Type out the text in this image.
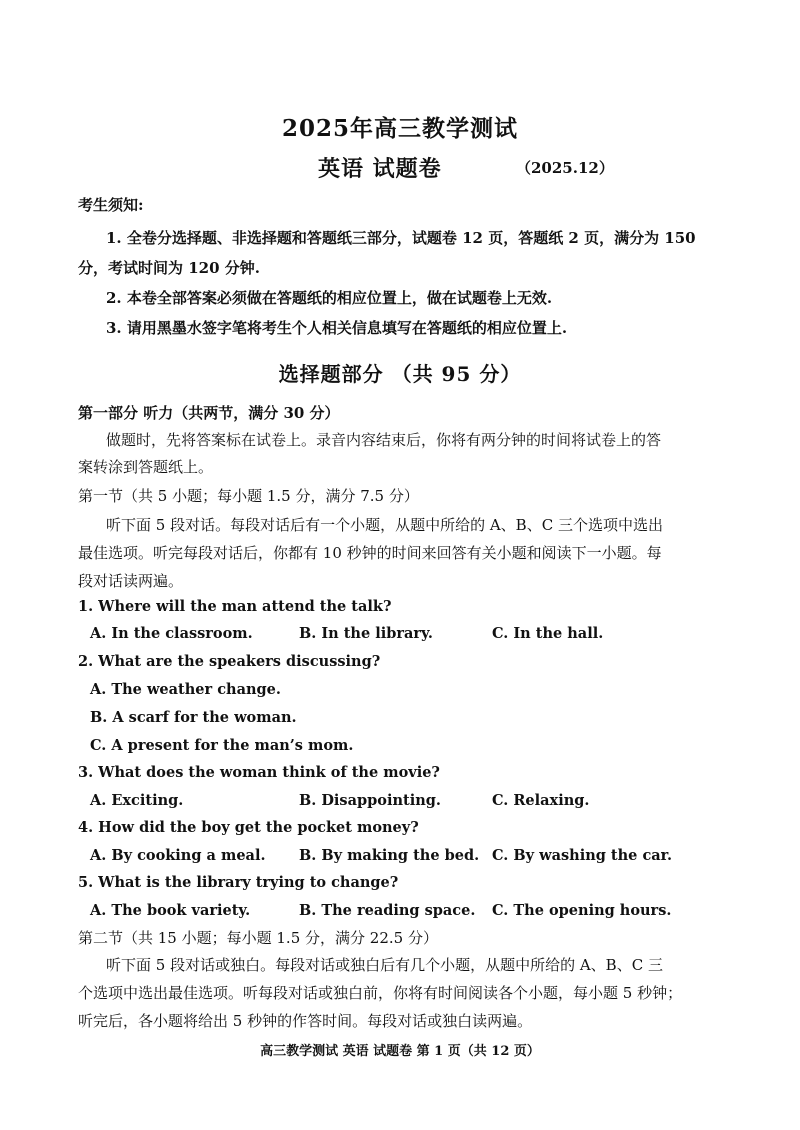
2025年高三教学测试
英语 试题卷	（2025.12）
考生须知:
1. 全卷分选择题、非选择题和答题纸三部分，试题卷 12 页，答题纸 2 页，满分为 150
分，考试时间为 120 分钟.
2. 本卷全部答案必须做在答题纸的相应位置上，做在试题卷上无效.
3. 请用黑墨水签字笔将考生个人相关信息填写在答题纸的相应位置上.
选择题部分 （共 95 分）
第一部分 听力（共两节，满分 30 分）
做题时，先将答案标在试卷上。录音内容结束后，你将有两分钟的时间将试卷上的答
案转涂到答题纸上。
第一节（共 5 小题；每小题 1.5 分，满分 7.5 分）
听下面 5 段对话。每段对话后有一个小题，从题中所给的 A、B、C 三个选项中选出
最佳选项。听完每段对话后，你都有 10 秒钟的时间来回答有关小题和阅读下一小题。每
段对话读两遍。
1. Where will the man attend the talk?
A. In the classroom.	B. In the library.	C. In the hall.
2. What are the speakers discussing?
A. The weather change.
B. A scarf for the woman.
C. A present for the man’s mom.
3. What does the woman think of the movie?
A. Exciting.	B. Disappointing.	C. Relaxing.
4. How did the boy get the pocket money?
A. By cooking a meal. B. By making the bed. C. By washing the car.
5. What is the library trying to change?
A. The book variety.	B. The reading space. C. The opening hours.
第二节（共 15 小题；每小题 1.5 分，满分 22.5 分）
听下面 5 段对话或独白。每段对话或独白后有几个小题，从题中所给的 A、B、C 三
个选项中选出最佳选项。听每段对话或独白前，你将有时间阅读各个小题，每小题 5 秒钟；
听完后，各小题将给出 5 秒钟的作答时间。每段对话或独白读两遍。
高三教学测试 英语 试题卷 第 1 页（共 12 页）
